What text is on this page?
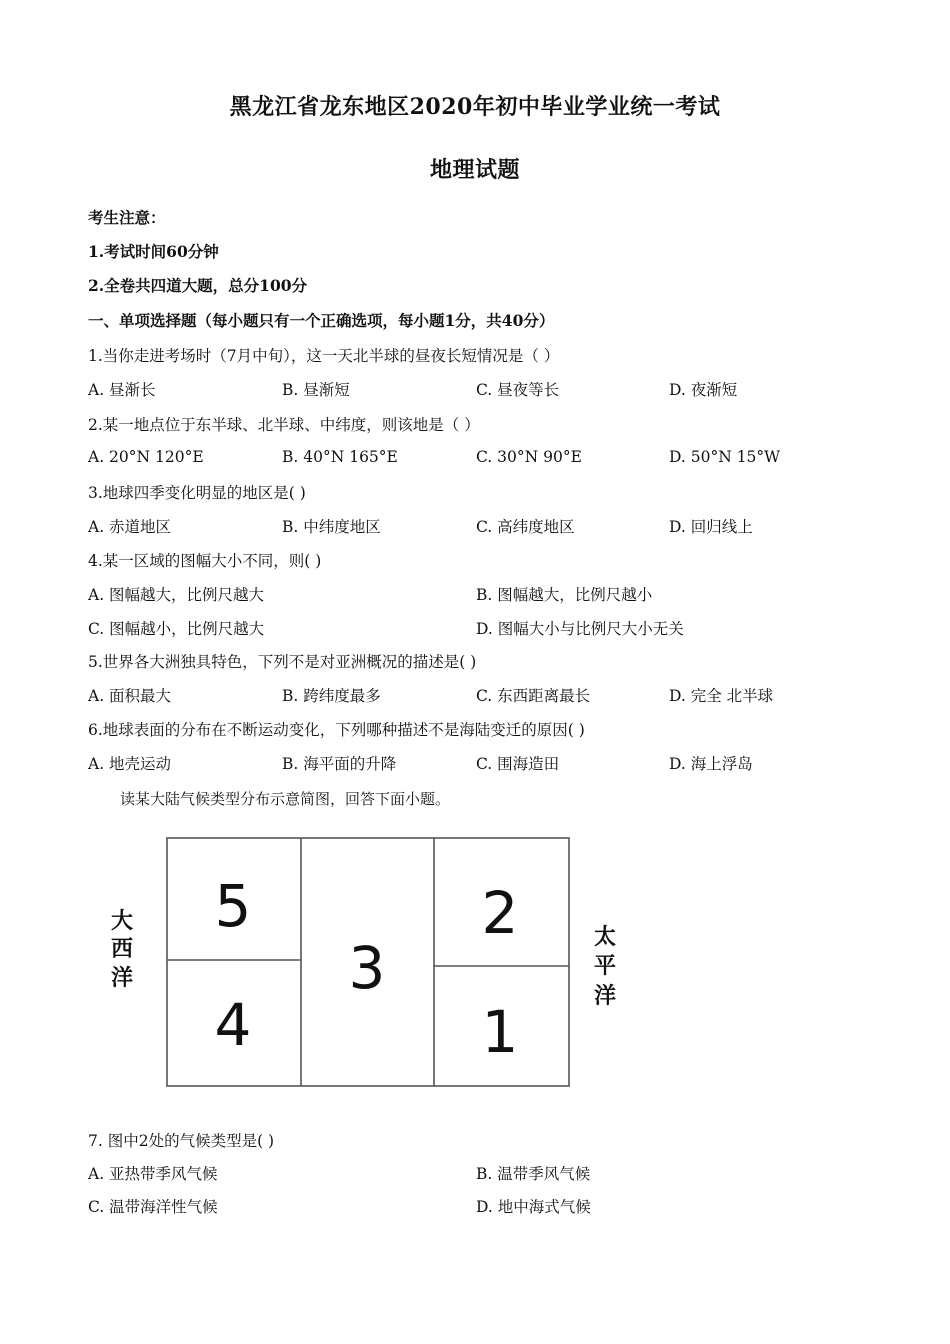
黑龙江省龙东地区2020年初中毕业学业统一考试
地理试题
考生注意：
1.考试时间60分钟
2.全卷共四道大题，总分100分
一、单项选择题（每小题只有一个正确选项，每小题1分，共40分）
1.当你走进考场时（7月中旬），这一天北半球的昼夜长短情况是（ ）
A. 昼渐长	B. 昼渐短	C. 昼夜等长	D. 夜渐短
2.某一地点位于东半球、北半球、中纬度，则该地是（ ）
A. 20°N 120°E	B. 40°N 165°E	C. 30°N 90°E	D. 50°N 15°W
3.地球四季变化明显的地区是( )
A. 赤道地区	B. 中纬度地区	C. 高纬度地区	D. 回归线上
4.某一区域的图幅大小不同，则( )
A. 图幅越大，比例尺越大	B. 图幅越大，比例尺越小
C. 图幅越小，比例尺越大	D. 图幅大小与比例尺大小无关
5.世界各大洲独具特色，下列不是对亚洲概况的描述是( )
A. 面积最大	B. 跨纬度最多	C. 东西距离最长	D. 完全 北半球
6.地球表面的分布在不断运动变化，下列哪种描述不是海陆变迁的原因( )
A. 地壳运动	B. 海平面的升降	C. 围海造田	D. 海上浮岛
读某大陆气候类型分布示意简图，回答下面小题。
5
4
3
2
1
大
西
洋
太
平
洋
7. 图中2处的气候类型是( )
A. 亚热带季风气候	B. 温带季风气候
C. 温带海洋性气候	D. 地中海式气候
